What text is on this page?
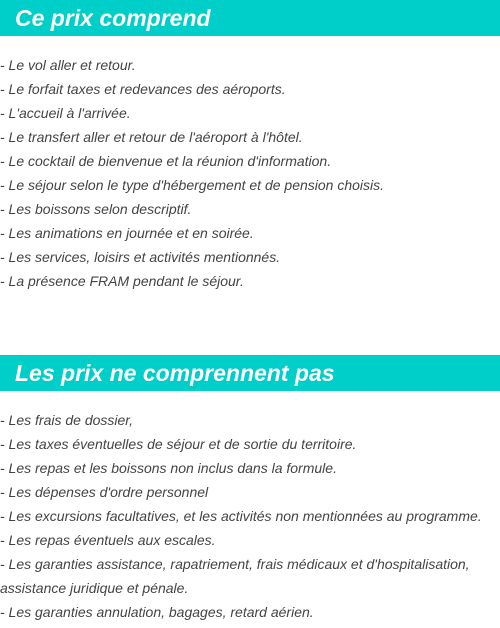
Ce prix comprend
- Le vol aller et retour.
- Le forfait taxes et redevances des aéroports.
- L'accueil à l'arrivée.
- Le transfert aller et retour de l'aéroport à l'hôtel.
- Le cocktail de bienvenue et la réunion d'information.
- Le séjour selon le type d'hébergement et de pension choisis.
- Les boissons selon descriptif.
- Les animations en journée et en soirée.
- Les services, loisirs et activités mentionnés.
- La présence FRAM pendant le séjour.
Les prix ne comprennent pas
- Les frais de dossier,
- Les taxes éventuelles de séjour et de sortie du territoire.
- Les repas et les boissons non inclus dans la formule.
- Les dépenses d'ordre personnel
- Les excursions facultatives, et les activités non mentionnées au programme.
- Les repas éventuels aux escales.
- Les garanties assistance, rapatriement, frais médicaux et d'hospitalisation, assistance juridique et pénale.
- Les garanties annulation, bagages, retard aérien.
